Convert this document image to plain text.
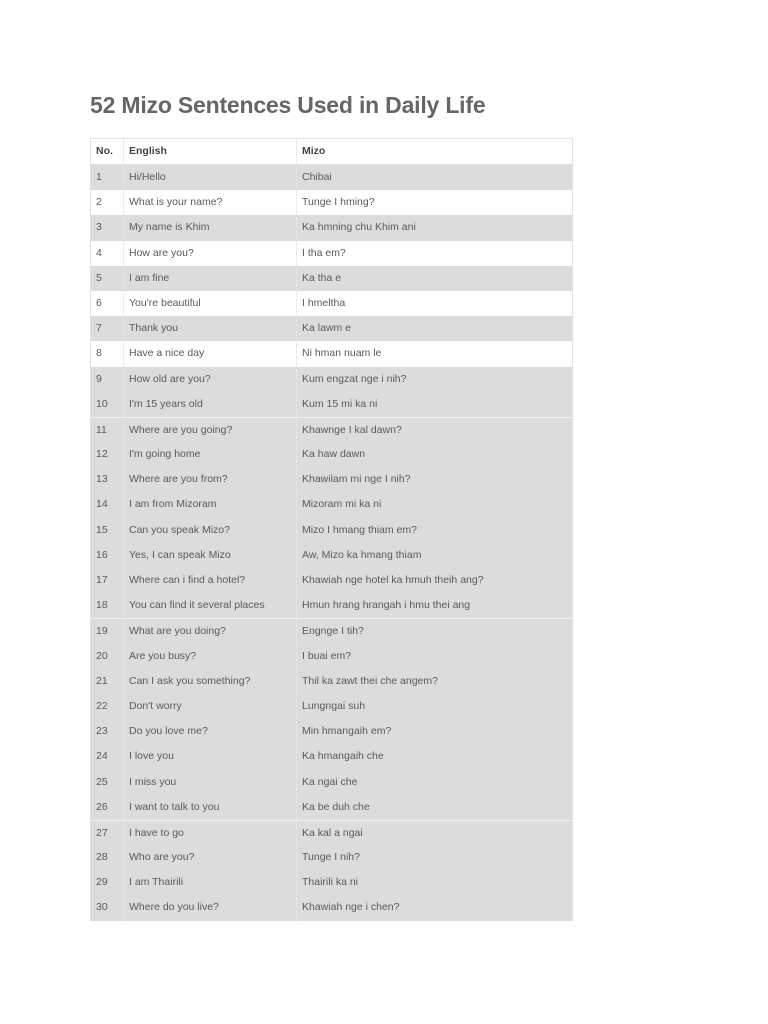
52 Mizo Sentences Used in Daily Life
No.	English	Mizo
1	Hi/Hello	Chibai
2	What is your name?	Tunge I hming?
3	My name is Khim	Ka hmning chu Khim ani
4	How are you?	I tha em?
5	I am fine	Ka tha e
6	You're beautiful	I hmeltha
7	Thank you	Ka lawm e
8	Have a nice day	Ni hman nuam le
9	How old are you?	Kum engzat nge i nih?
10	I'm 15 years old	Kum 15 mi ka ni
11	Where are you going?	Khawnge I kal dawn?
12	I'm going home	Ka haw dawn
13	Where are you from?	Khawilam mi nge I nih?
14	I am from Mizoram	Mizoram mi ka ni
15	Can you speak Mizo?	Mizo I hmang thiam em?
16	Yes, I can speak Mizo	Aw, Mizo ka hmang thiam
17	Where can i find a hotel?	Khawiah nge hotel ka hmuh theih ang?
18	You can find it several places	Hmun hrang hrangah i hmu thei ang
19	What are you doing?	Engnge I tih?
20	Are you busy?	I buai em?
21	Can I ask you something?	Thil ka zawt thei che angem?
22	Don't worry	Lungngai suh
23	Do you love me?	Min hmangaih em?
24	I love you	Ka hmangaih che
25	I miss you	Ka ngai che
26	I want to talk to you	Ka be duh che
27	I have to go	Ka kal a ngai
28	Who are you?	Tunge I nih?
29	I am Thairili	Thairili ka ni
30	Where do you live?	Khawiah nge i chen?
